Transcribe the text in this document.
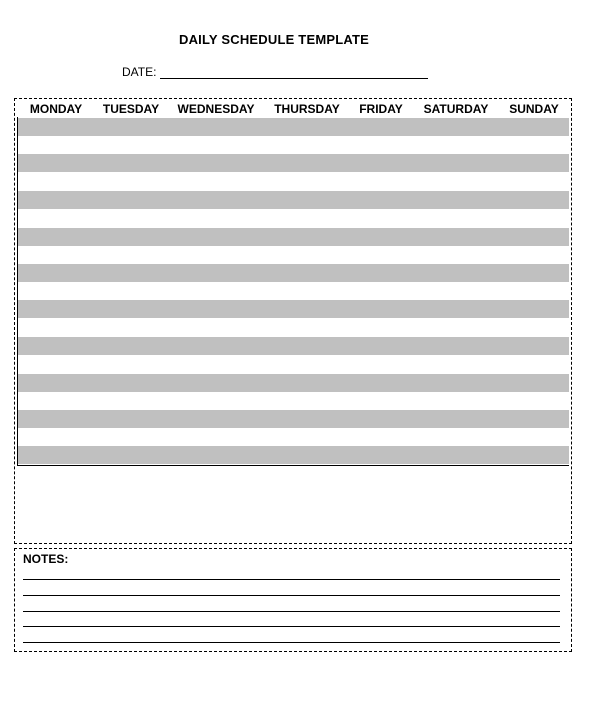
DAILY SCHEDULE TEMPLATE
DATE:
MONDAY	TUESDAY	WEDNESDAY	THURSDAY	FRIDAY	SATURDAY	SUNDAY
NOTES:
